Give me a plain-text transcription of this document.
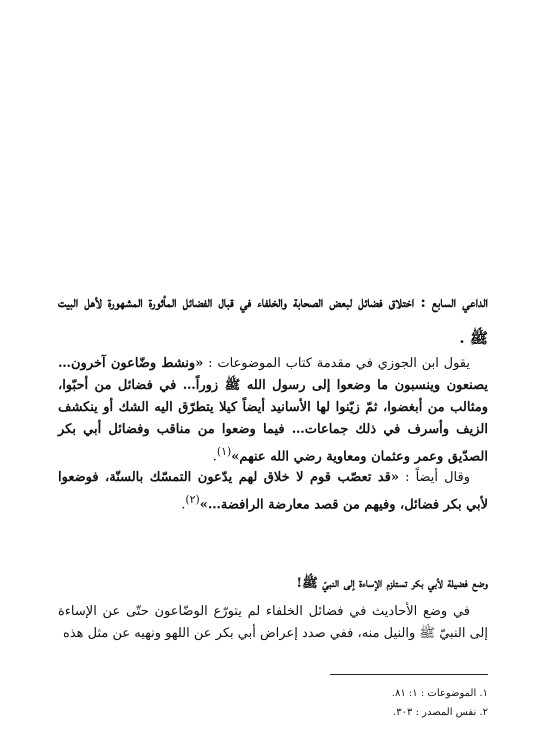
الداعي السابع : اختلاق فضائل لبعض الصحابة والخلفاء في قبال الفضائل المأثورة المشهورة لأهل البيت ﷺ .

يقول ابن الجوزي في مقدمة كتاب الموضوعات : «ونشط وضّاعون آخرون… يصنعون وينسبون ما وضعوا إلى رسول الله ﷺ زوراً… في فضائل من أحبّوا، ومثالب من أبغضوا، ثمّ زيّنوا لها الأسانيد أيضاً كيلا يتطرّق اليه الشك أو ينكشف الزيف وأسرف في ذلك جماعات… فيما وضعوا من مناقب وفضائل أبي بكر الصدّيق وعمر وعثمان ومعاوية رضي الله عنهم»$^{(١)}$.

وقال أيضاً : «قد تعصّب قوم لا خلاق لهم يدّعون التمسّك بالسنّة، فوضعوا لأبي بكر فضائل، وفيهم من قصد معارضة الرافضة…»$^{(٢)}$.

وضع فضيلة لأبي بكر تستلزم الإساءة إلى النبيّ ﷺ!

في وضع الأحاديث في فضائل الخلفاء لم يتورّع الوضّاعون حتّى عن الإساءة إلى النبيّ ﷺ والنيل منه، ففي صدد إعراض أبي بكر عن اللهو ونهيه عن مثل هذه

١. الموضوعات : ١: ٨١.
٢. نفس المصدر : ٣٠٣.
